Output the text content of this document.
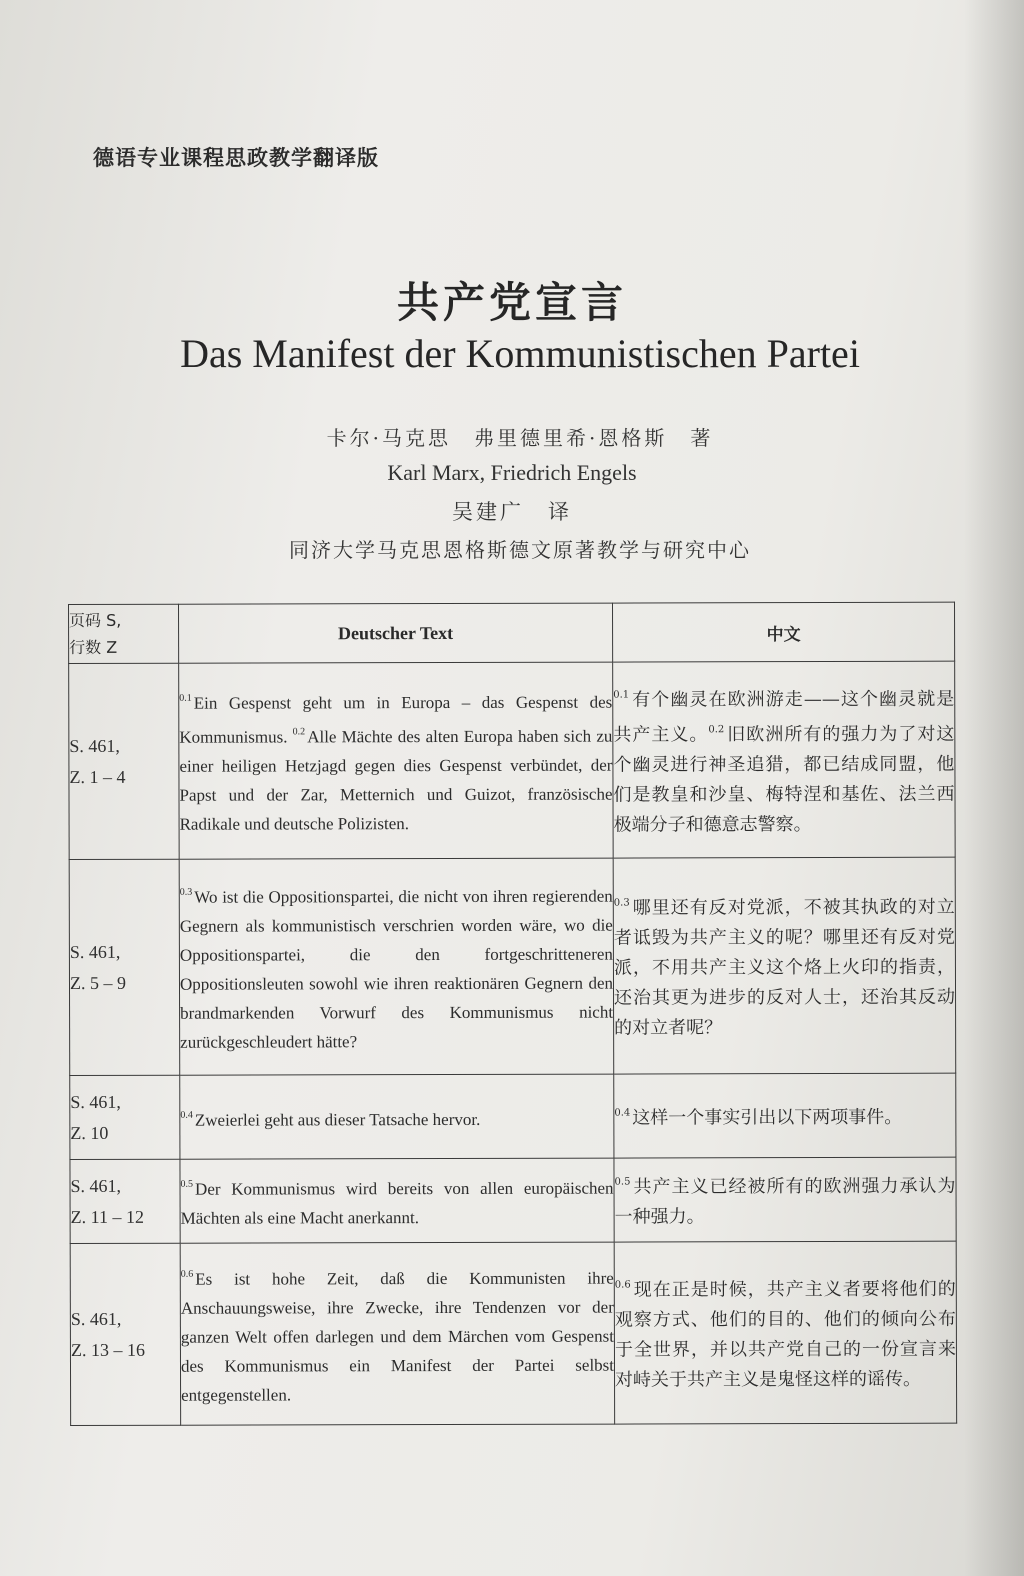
德语专业课程思政教学翻译版
共产党宣言
Das Manifest der Kommunistischen Partei
卡尔·马克思　弗里德里希·恩格斯　著
Karl Marx, Friedrich Engels
吴建广　译
同济大学马克思恩格斯德文原著教学与研究中心
页码 S,
行数 Z	Deutscher Text	中文

S. 461,
Z. 1 – 4	$^{0.1}$ Ein Gespenst geht um in Europa – das Gespenst des Kommunismus. $^{0.2}$ Alle Mächte des alten Europa haben sich zu einer heiligen Hetzjagd gegen dies Gespenst verbündet, der Papst und der Zar, Metternich und Guizot, französische Radikale und deutsche Polizisten.	$^{0.1}$ 有个幽灵在欧洲游走——这个幽灵就是共产主义。$^{0.2}$ 旧欧洲所有的强力为了对这个幽灵进行神圣追猎，都已结成同盟，他们是教皇和沙皇、梅特涅和基佐、法兰西极端分子和德意志警察。

S. 461,
Z. 5 – 9	$^{0.3}$ Wo ist die Oppositionspartei, die nicht von ihren regierenden Gegnern als kommunistisch verschrien worden wäre, wo die Oppositionspartei, die den fortgeschritteneren Oppositionsleuten sowohl wie ihren reaktionären Gegnern den brandmarkenden Vorwurf des Kommunismus nicht zurückgeschleudert hätte?	$^{0.3}$ 哪里还有反对党派，不被其执政的对立者诋毁为共产主义的呢？哪里还有反对党派，不用共产主义这个烙上火印的指责，还治其更为进步的反对人士，还治其反动的对立者呢？

S. 461,
Z. 10	$^{0.4}$ Zweierlei geht aus dieser Tatsache hervor.	$^{0.4}$ 这样一个事实引出以下两项事件。

S. 461,
Z. 11 – 12	$^{0.5}$ Der Kommunismus wird bereits von allen europäischen Mächten als eine Macht anerkannt.	$^{0.5}$ 共产主义已经被所有的欧洲强力承认为一种强力。

S. 461,
Z. 13 – 16	$^{0.6}$ Es ist hohe Zeit, daß die Kommunisten ihre Anschauungsweise, ihre Zwecke, ihre Tendenzen vor der ganzen Welt offen darlegen und dem Märchen vom Gespenst des Kommunismus ein Manifest der Partei selbst entgegenstellen.	$^{0.6}$ 现在正是时候，共产主义者要将他们的观察方式、他们的目的、他们的倾向公布于全世界，并以共产党自己的一份宣言来对峙关于共产主义是鬼怪这样的谣传。
